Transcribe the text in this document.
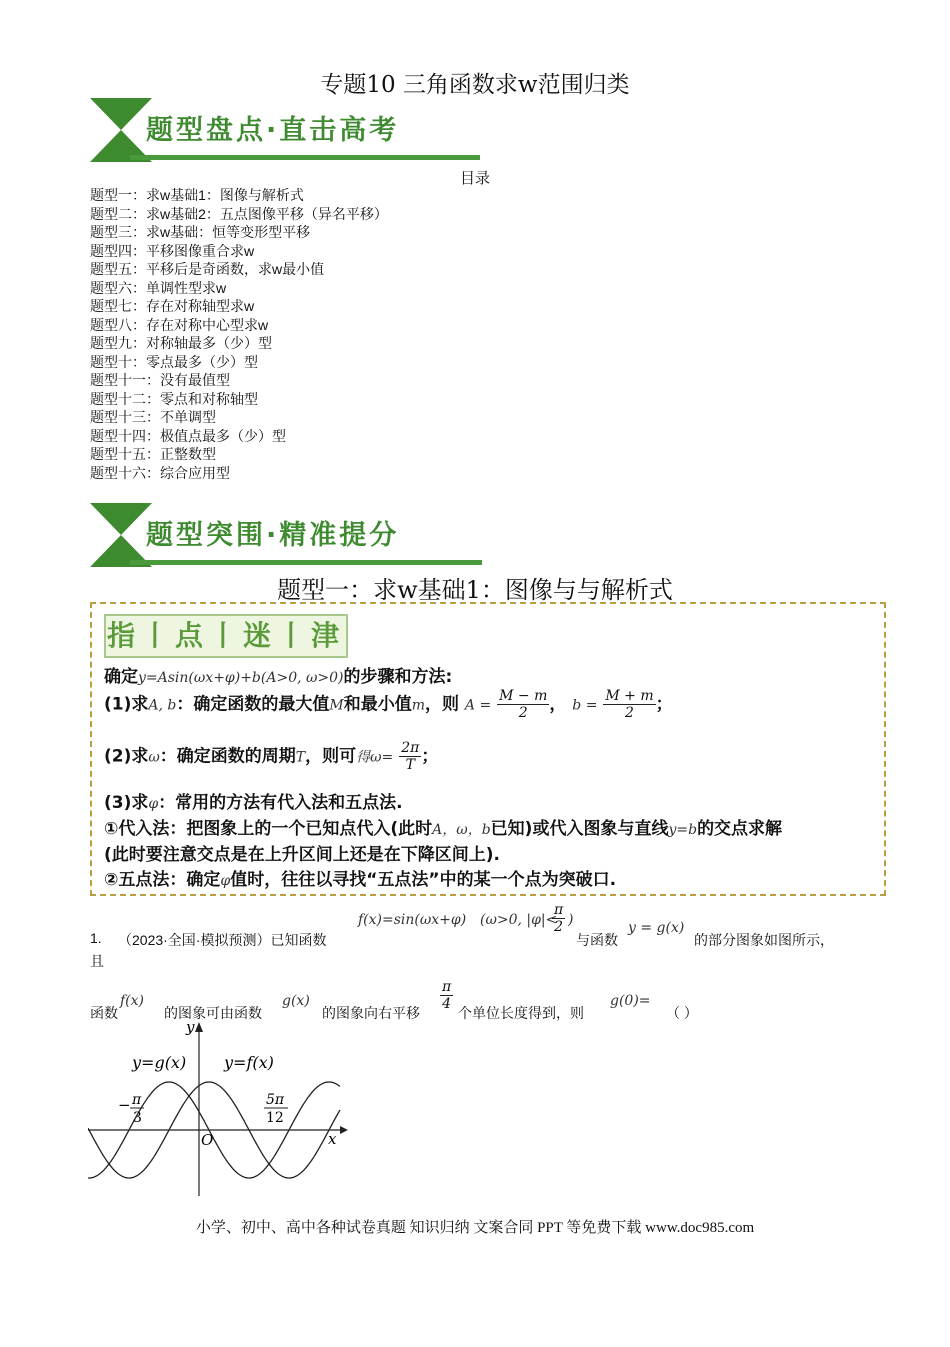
专题10 三角函数求w范围归类
题型盘点·直击高考
目录
题型一：求w基础1：图像与解析式
题型二：求w基础2：五点图像平移（异名平移）
题型三：求w基础：恒等变形型平移
题型四：平移图像重合求w
题型五：平移后是奇函数，求w最小值
题型六：单调性型求w
题型七：存在对称轴型求w
题型八：存在对称中心型求w
题型九：对称轴最多（少）型
题型十：零点最多（少）型
题型十一：没有最值型
题型十二：零点和对称轴型
题型十三：不单调型
题型十四：极值点最多（少）型
题型十五：正整数型
题型十六：综合应用型
题型突围·精准提分
题型一：求w基础1：图像与与解析式
指丨点丨迷丨津
确定y=Asin(ωx+φ)+b(A>0, ω>0)的步骤和方法:
(1)求A, b：确定函数的最大值M和最小值m，则 $A = \frac{M - m}{2}$ ， $b = \frac{M + m}{2}$ ；
(2)求ω：确定函数的周期T，则可得$\omega= \frac{2\pi}{T}$ ；
(3)求φ：常用的方法有代入法和五点法.
①代入法：把图象上的一个已知点代入(此时A，ω，b已知)或代入图象与直线y=b的交点求解
(此时要注意交点是在上升区间上还是在下降区间上).
②五点法：确定φ值时，往往以寻找“五点法”中的某一个点为突破口.
1. （2023·全国·模拟预测）已知函数
f(x)=sin(ωx+φ) (ω>0, |φ|<
$\frac{\pi}{2}$ )
与函数
y = g(x)
的部分图象如图所示，
且
函数
f(x)
的图象可由函数
g(x)
的图象向右平移
$\frac{\pi}{4}$
个单位长度得到，则
g(0)=
（ ）
y
x
O
y=g(x) y=f(x)
− π
3
5π
12
小学、初中、高中各种试卷真题 知识归纳 文案合同 PPT 等免费下载 www.doc985.com
